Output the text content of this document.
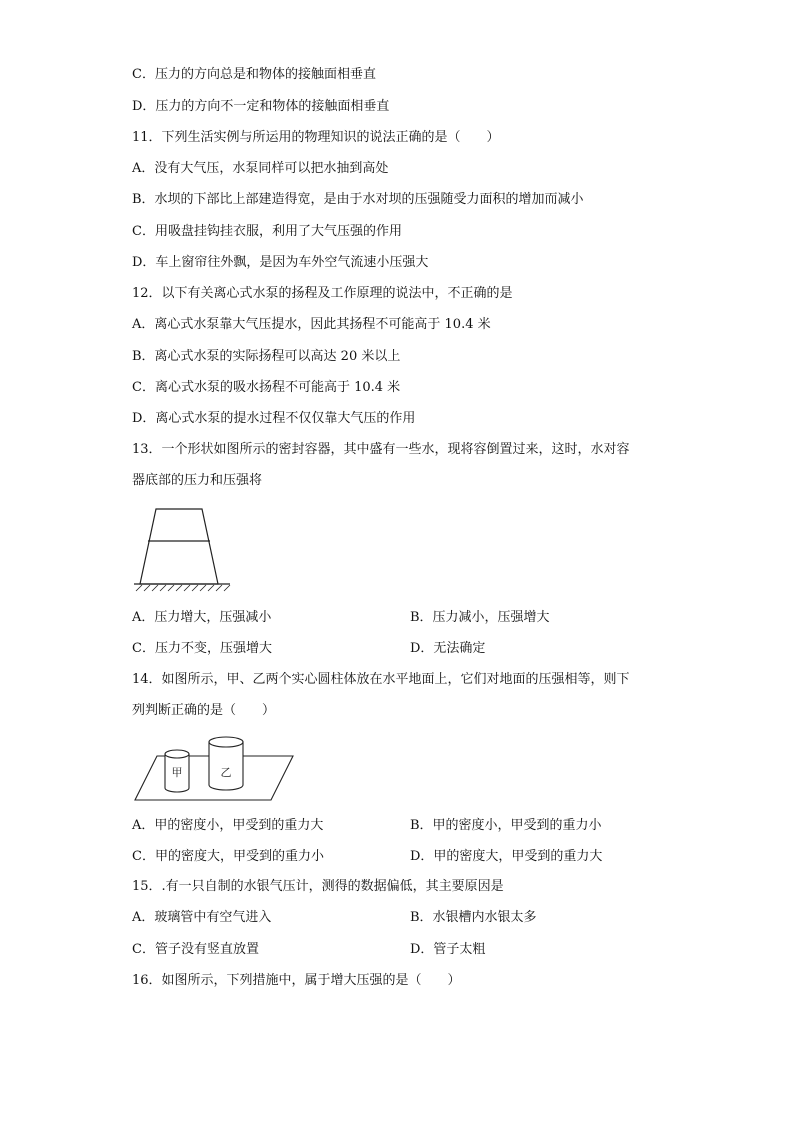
C．压力的方向总是和物体的接触面相垂直
D．压力的方向不一定和物体的接触面相垂直
11．下列生活实例与所运用的物理知识的说法正确的是（　　）
A．没有大气压，水泵同样可以把水抽到高处
B．水坝的下部比上部建造得宽，是由于水对坝的压强随受力面积的增加而减小
C．用吸盘挂钩挂衣服，利用了大气压强的作用
D．车上窗帘往外飘，是因为车外空气流速小压强大
12．以下有关离心式水泵的扬程及工作原理的说法中，不正确的是
A．离心式水泵靠大气压提水，因此其扬程不可能高于 10.4 米
B．离心式水泵的实际扬程可以高达 20 米以上
C．离心式水泵的吸水扬程不可能高于 10.4 米
D．离心式水泵的提水过程不仅仅靠大气压的作用
13．一个形状如图所示的密封容器，其中盛有一些水，现将容倒置过来，这时，水对容
器底部的压力和压强将
A．压力增大，压强减小	B．压力减小，压强增大
C．压力不变，压强增大	D．无法确定
14．如图所示，甲、乙两个实心圆柱体放在水平地面上，它们对地面的压强相等，则下
列判断正确的是（　　）
甲	乙
A．甲的密度小，甲受到的重力大	B．甲的密度小，甲受到的重力小
C．甲的密度大，甲受到的重力小	D．甲的密度大，甲受到的重力大
15．.有一只自制的水银气压计，测得的数据偏低，其主要原因是
A．玻璃管中有空气进入	B．水银槽内水银太多
C．管子没有竖直放置	D．管子太粗
16．如图所示，下列措施中，属于增大压强的是（　　）
